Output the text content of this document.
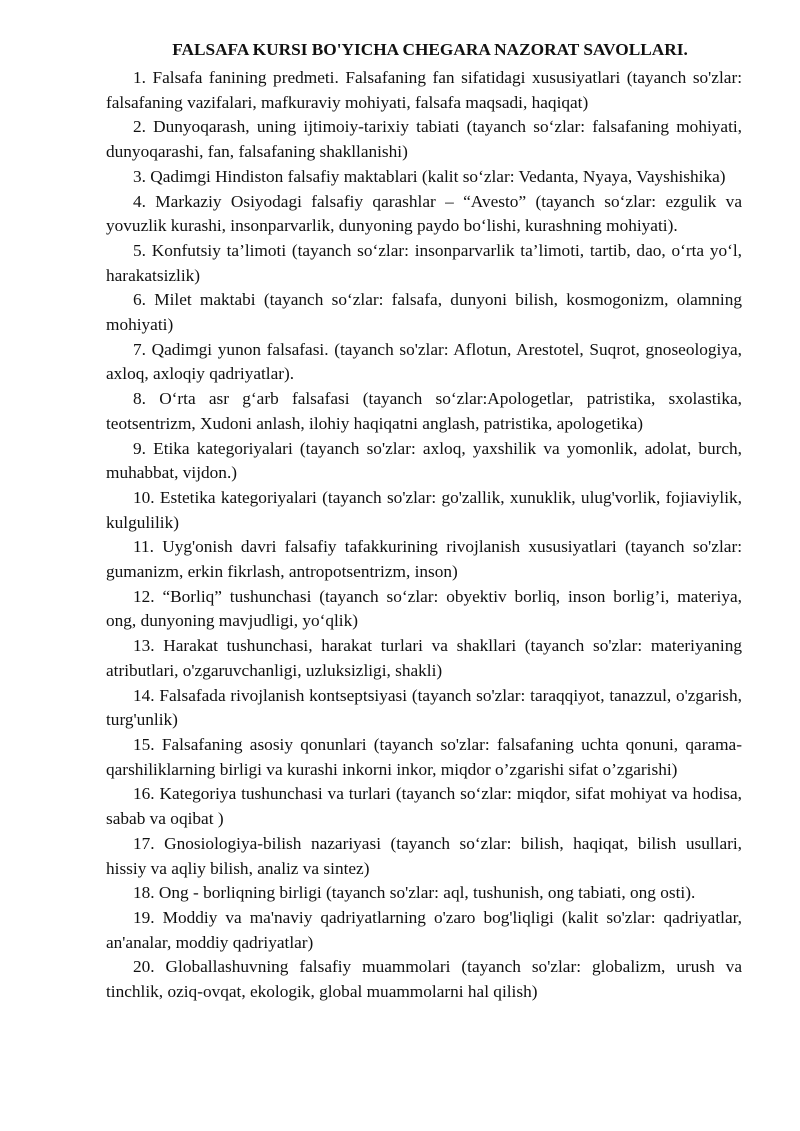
FALSAFA KURSI BO'YICHA CHEGARA NAZORAT SAVOLLARI.
1. Falsafa fanining predmeti. Falsafaning fan sifatidagi xususiyatlari (tayanch so'zlar: falsafaning vazifalari, mafkuraviy mohiyati, falsafa maqsadi, haqiqat)
2. Dunyoqarash, uning ijtimoiy-tarixiy tabiati (tayanch so‘zlar: falsafaning mohiyati, dunyoqarashi, fan, falsafaning shakllanishi)
3. Qadimgi Hindiston falsafiy maktablari (kalit so‘zlar: Vedanta, Nyaya, Vayshishika)
4. Markaziy Osiyodagi falsafiy qarashlar – “Avesto” (tayanch so‘zlar: ezgulik va yovuzlik kurashi, insonparvarlik, dunyoning paydo bo‘lishi, kurashning mohiyati).
5. Konfutsiy ta’limoti (tayanch so‘zlar: insonparvarlik ta’limoti, tartib, dao, o‘rta yo‘l, harakatsizlik)
6. Milet maktabi (tayanch so‘zlar: falsafa, dunyoni bilish, kosmogonizm, olamning mohiyati)
7. Qadimgi yunon falsafasi. (tayanch so'zlar: Aflotun, Arestotel, Suqrot, gnoseologiya, axloq, axloqiy qadriyatlar).
8. O‘rta asr g‘arb falsafasi (tayanch so‘zlar:Apologetlar, patristika, sxolastika, teotsentrizm, Xudoni anlash, ilohiy haqiqatni anglash, patristika, apologetika)
9. Etika kategoriyalari (tayanch so'zlar: axloq, yaxshilik va yomonlik, adolat, burch, muhabbat, vijdon.)
10. Estetika kategoriyalari (tayanch so'zlar: go'zallik, xunuklik, ulug'vorlik, fojiaviylik, kulgulilik)
11. Uyg'onish davri falsafiy tafakkurining rivojlanish xususiyatlari (tayanch so'zlar: gumanizm, erkin fikrlash, antropotsentrizm, inson)
12. “Borliq” tushunchasi (tayanch so‘zlar: obyektiv borliq, inson borlig’i, materiya, ong, dunyoning mavjudligi, yo‘qlik)
13. Harakat tushunchasi, harakat turlari va shakllari (tayanch so'zlar: materiyaning atributlari, o'zgaruvchanligi, uzluksizligi, shakli)
14. Falsafada rivojlanish kontseptsiyasi (tayanch so'zlar: taraqqiyot, tanazzul, o'zgarish, turg'unlik)
15. Falsafaning asosiy qonunlari (tayanch so'zlar: falsafaning uchta qonuni, qarama-qarshiliklarning birligi va kurashi inkorni inkor, miqdor o’zgarishi sifat o’zgarishi)
16. Kategoriya tushunchasi va turlari (tayanch so‘zlar: miqdor, sifat mohiyat va hodisa, sabab va oqibat )
17. Gnosiologiya-bilish nazariyasi (tayanch so‘zlar: bilish, haqiqat, bilish usullari, hissiy va aqliy bilish, analiz va sintez)
18. Ong - borliqning birligi (tayanch so'zlar: aql, tushunish, ong tabiati, ong osti).
19. Moddiy va ma'naviy qadriyatlarning o'zaro bog'liqligi (kalit so'zlar: qadriyatlar, an'analar, moddiy qadriyatlar)
20. Globallashuvning falsafiy muammolari (tayanch so'zlar: globalizm, urush va tinchlik, oziq-ovqat, ekologik, global muammolarni hal qilish)
